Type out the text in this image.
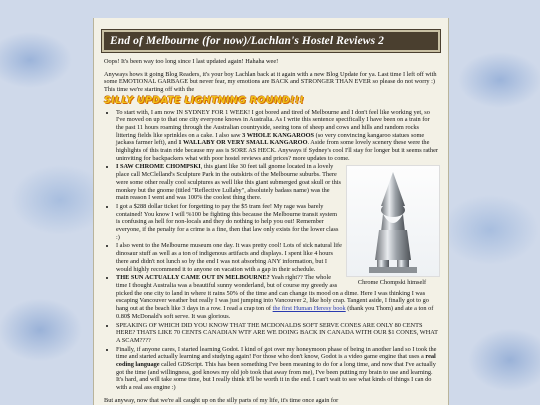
End of Melbourne (for now)/Lachlan's Hostel Reviews 2

Oops! It's been way too long since I last updated again! Hahaha wee!

Anyways hows it going Blog Readers, it's your boy Lachlan back at it again with a new Blog Update for ya. Last time I left off with some EMOTIONAL GARBAGE but never fear, my emotions are BACK and STRONGER THAN EVER so please do not worry :) This time we're starting off with the

SILLY UPDATE LIGHTNING ROUND!!!
• To start with, I am now IN SYDNEY FOR 1 WEEK! I got bored and tired of Melbourne and I don't feel like working yet, so I've moved on up to that one city everyone knows in Australia. As I write this sentence specifically I have been on a train for the past 11 hours roaming through the Australian countryside, seeing tons of sheep and cows and hills and random rocks littering fields like sprinkles on a cake. I also saw 3 WHOLE KANGAROOS (so very convincing kangaroo statues some jackass farmer left), and 1 WALLABY OR VERY SMALL KANGAROO. Aside from some lovely scenery these were the highlights of this train ride because my ass is SORE AS HECK. Anyways if Sydney's cool I'll stay for longer but it seems rather uninviting for backpackers what with poor hostel reviews and prices? more updates to come.
• Chrome Chompski himself
I SAW CHROME CHOMPSKI, this giant like 30 feet tall gnome located in a lovely place call McClelland's Sculpture Park in the outskirts of the Melbourne suburbs. There were some other really cool sculptures as well like this giant submerged goat skull or this monkey but the gnome (titled "Reflective Lullaby", absolutely badass name) was the main reason I went and was 100% the coolest thing there.
• I got a $288 dollar ticket for forgetting to pay the $5 tram fee! My rage was barely contained! You know I will %100 be fighting this because the Melbourne transit system is confusing as hell for non-locals and they do nothing to help you out! Remember everyone, if the penalty for a crime is a fine, then that law only exists for the lower class :)
• I also went to the Melbourne museum one day. It was pretty cool! Lots of sick natural life dinosaur stuff as well as a ton of indigenous artifacts and displays. I spent like 4 hours there and didn't not lunch so by the end I was not absorbing ANY information, but I would highly recommend it to anyone on vacation with a gap in their schedule.
• THE SUN ACTUALLY CAME OUT IN MELBOURNE? Yeah right?? The whole time I thought Australia was a beautiful sunny wonderland, but of course my greedy ass picked the one city to land in where it rains 50% of the time and can change its mood on a dime. Here I was thinking I was escaping Vancouver weather but really I was just jumping into Vancouver 2, like holy crap. Tangent aside, I finally got to go hang out at the beach like 3 days in a row. I read a crap ton of the first Human Heresy book (thank you Thom) and ate a ton of 0.80$ McDonald's soft serve. It was glorious.
• SPEAKING OF WHICH DID YOU KNOW THAT THE MCDONALDS SOFT SERVE CONES ARE ONLY 80 CENTS HERE? THATS LIKE 70 CENTS CANADIAN WTF ARE WE DOING BACK IN CANADA WITH OUR $1 CONES, WHAT A SCAM????
• Finally, if anyone cares, I started learning Godot. I kind of got over my honeymoon phase of being in another land so I took the time and started actually learning and studying again! For those who don't know, Godot is a video game engine that uses a real coding language called GDScript. This has been something I've been meaning to do for a long time, and now that I've actually got the time (and willingness, god knows my old job took that away from me), I've been putting my brain to use and learning. It's hard, and will take some time, but I really think it'll be worth it in the end. I can't wait to see what kinds of things I can do with a real ass engine :)

But anyway, now that we're all caught up on the silly parts of my life, it's time once again for
